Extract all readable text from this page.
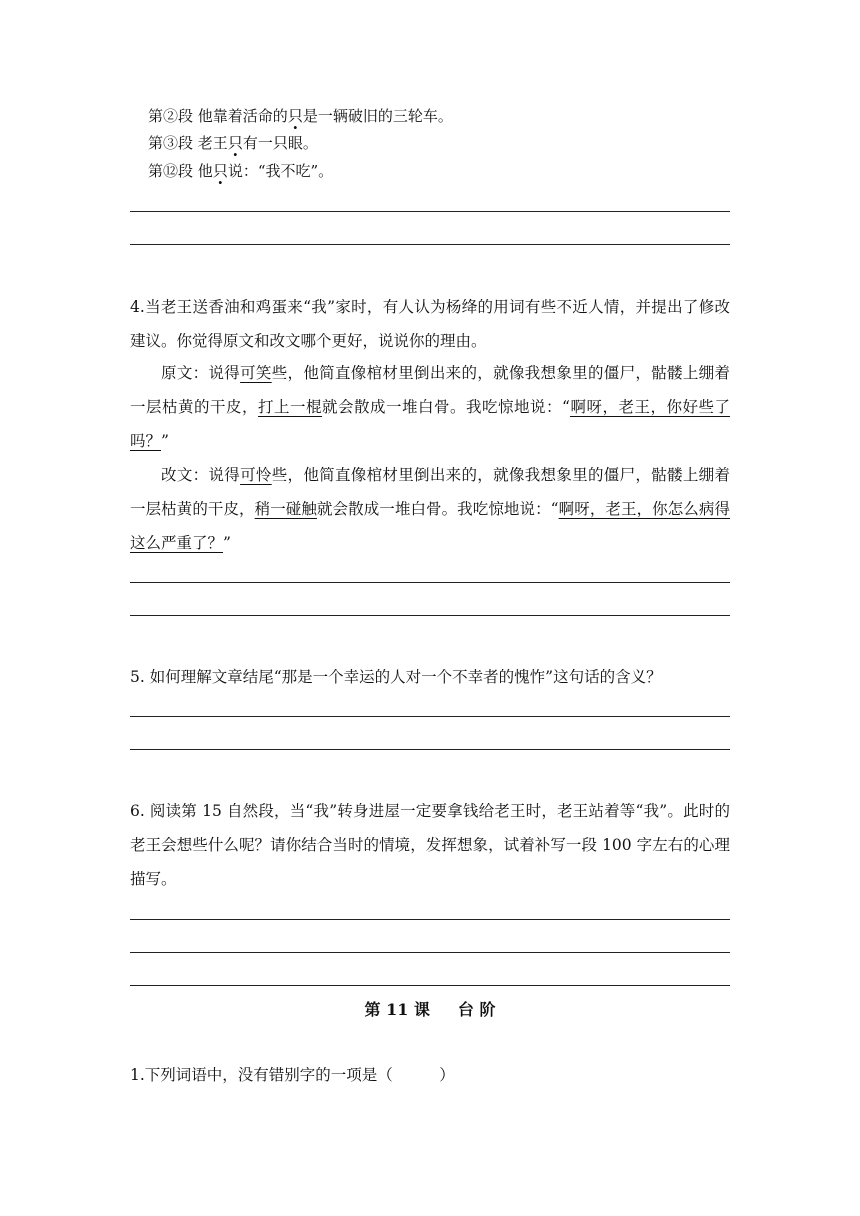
第②段 他靠着活命的只是一辆破旧的三轮车。
第③段 老王只有一只眼。
第⑫段 他只说：“我不吃”。
4.当老王送香油和鸡蛋来“我”家时，有人认为杨绛的用词有些不近人情，并提出了修改建议。你觉得原文和改文哪个更好，说说你的理由。
原文：说得可笑些，他简直像棺材里倒出来的，就像我想象里的僵尸，骷髅上绷着一层枯黄的干皮，打上一棍就会散成一堆白骨。我吃惊地说：“啊呀，老王，你好些了吗？”
改文：说得可怜些，他简直像棺材里倒出来的，就像我想象里的僵尸，骷髅上绷着一层枯黄的干皮，稍一碰触就会散成一堆白骨。我吃惊地说：“啊呀，老王，你怎么病得这么严重了？”
5. 如何理解文章结尾“那是一个幸运的人对一个不幸者的愧怍”这句话的含义？
6. 阅读第 15 自然段，当“我”转身进屋一定要拿钱给老王时，老王站着等“我”。此时的老王会想些什么呢？请你结合当时的情境，发挥想象，试着补写一段 100 字左右的心理描写。
第 11 课 台 阶
1.下列词语中，没有错别字的一项是（　　　）
